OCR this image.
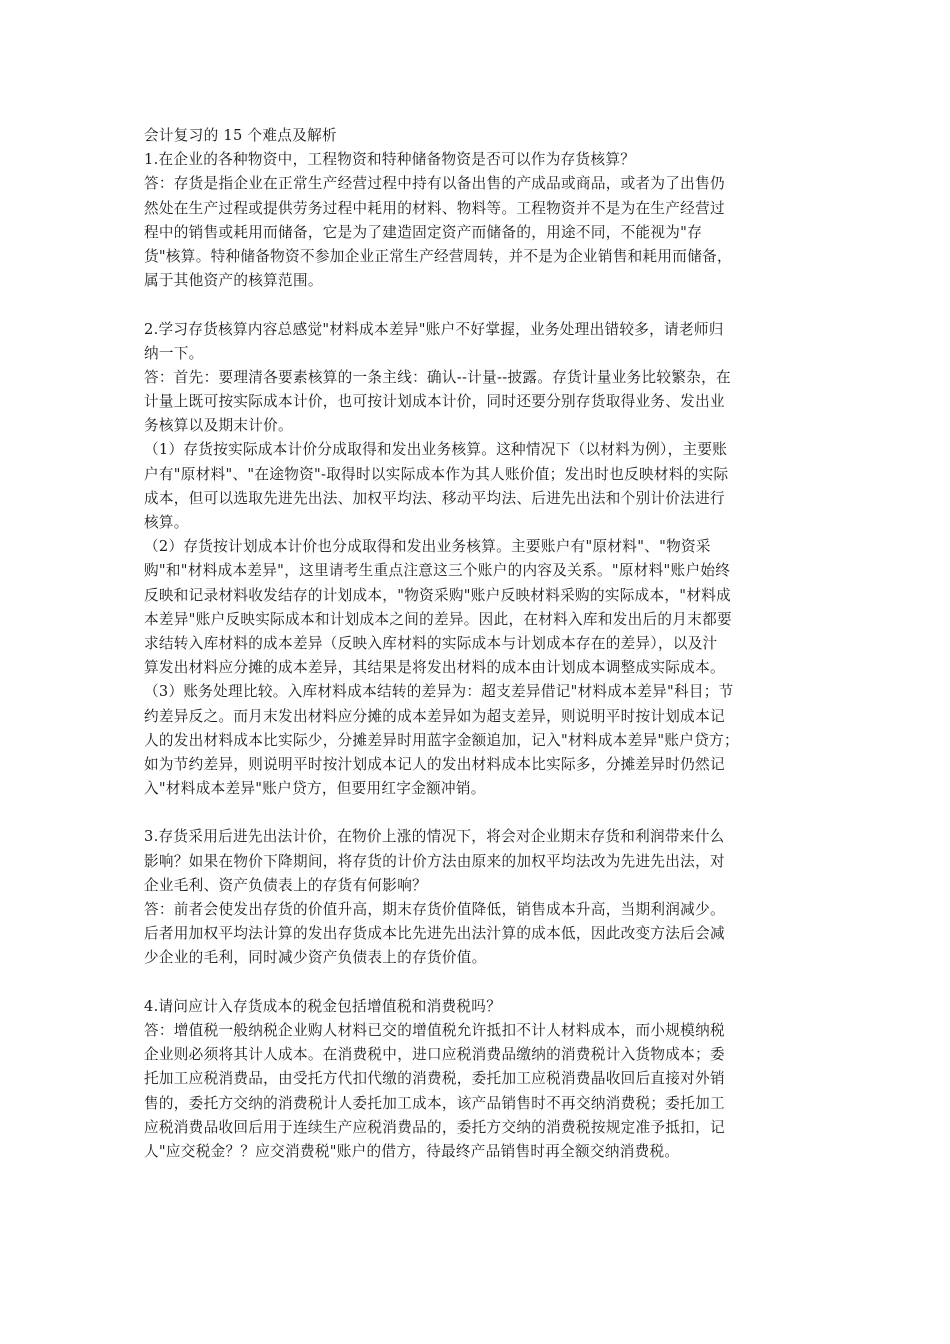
会计复习的 15 个难点及解析
1.在企业的各种物资中，工程物资和特种储备物资是否可以作为存货核算？
答：存货是指企业在正常生产经营过程中持有以备出售的产成品或商品，或者为了出售仍
然处在生产过程或提供劳务过程中耗用的材料、物料等。工程物资并不是为在生产经营过
程中的销售或耗用而储备，它是为了建造固定资产而储备的，用途不同，不能视为"存
货"核算。特种储备物资不参加企业正常生产经营周转，并不是为企业销售和耗用而储备，
属于其他资产的核算范围。
2.学习存货核算内容总感觉"材料成本差异"账户不好掌握，业务处理出错较多，请老师归
纳一下。
答：首先：要理清各要素核算的一条主线：确认--计量--披露。存货计量业务比较繁杂，在
计量上既可按实际成本计价，也可按计划成本计价，同时还要分别存货取得业务、发出业
务核算以及期末计价。
（1）存货按实际成本计价分成取得和发出业务核算。这种情况下（以材料为例），主要账
户有"原材料"、"在途物资"-取得时以实际成本作为其人账价值；发出时也反映材料的实际
成本，但可以选取先进先出法、加权平均法、移动平均法、后进先出法和个别计价法进行
核算。
（2）存货按计划成本计价也分成取得和发出业务核算。主要账户有"原材料"、"物资采
购"和"材料成本差异"，这里请考生重点注意这三个账户的内容及关系。"原材料"账户始终
反映和记录材料收发结存的计划成本，"物资采购"账户反映材料采购的实际成本，"材料成
本差异"账户反映实际成本和计划成本之间的差异。因此，在材料入库和发出后的月末都要
求结转入库材料的成本差异（反映入库材料的实际成本与计划成本存在的差异），以及汁
算发出材料应分摊的成本差异，其结果是将发出材料的成本由计划成本调整成实际成本。
（3）账务处理比较。入库材料成本结转的差异为：超支差异借记"材料成本差异"科目；节
约差异反之。而月末发出材料应分摊的成本差异如为超支差异，则说明平时按计划成本记
人的发出材料成本比实际少，分摊差异时用蓝字金额追加，记入"材料成本差异"账户贷方；
如为节约差异，则说明平时按汁划成本记人的发出材料成本比实际多，分摊差异时仍然记
入"材料成本差异"账户贷方，但要用红字金额冲销。
3.存货采用后进先出法计价，在物价上涨的情况下，将会对企业期末存货和利润带来什么
影响？如果在物价下降期间，将存货的计价方法由原来的加权平均法改为先进先出法，对
企业毛利、资产负债表上的存货有何影响？
答：前者会使发出存货的价值升高，期末存货价值降低，销售成本升高，当期利润减少。
后者用加权平均法计算的发出存货成本比先进先出法汁算的成本低，因此改变方法后会减
少企业的毛利，同时减少资产负债表上的存货价值。
4.请问应计入存货成本的税金包括增值税和消费税吗？
答：增值税一般纳税企业购人材料已交的增值税允许抵扣不计人材料成本，而小规模纳税
企业则必须将其计人成本。在消费税中，进口应税消费品缴纳的消费税计入货物成本；委
托加工应税消费品，由受托方代扣代缴的消费税，委托加工应税消费晶收回后直接对外销
售的，委托方交纳的消费税计人委托加工成本，该产品销售时不再交纳消费税；委托加工
应税消费品收回后用于连续生产应税消费品的，委托方交纳的消费税按规定准予抵扣，记
人"应交税金？？应交消费税"账户的借方，待最终产品销售时再全额交纳消费税。
